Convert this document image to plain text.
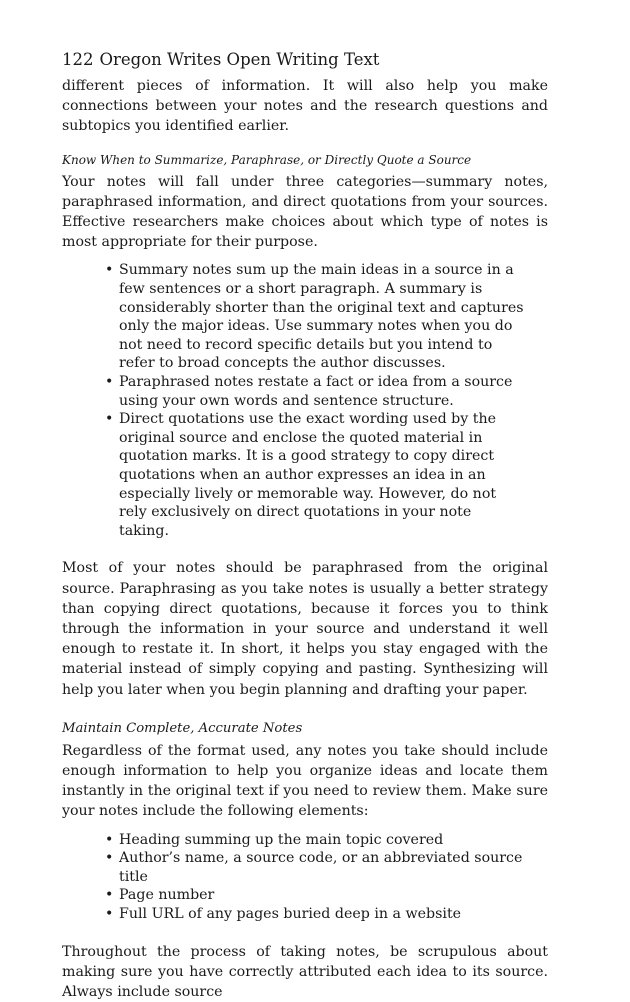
122 Oregon Writes Open Writing Text

different pieces of information. It will also help you make connections between your notes and the research questions and subtopics you identified earlier.

Know When to Summarize, Paraphrase, or Directly Quote a Source

Your notes will fall under three categories—summary notes, paraphrased information, and direct quotations from your sources. Effective researchers make choices about which type of notes is most appropriate for their purpose.

• Summary notes sum up the main ideas in a source in a few sentences or a short paragraph. A summary is considerably shorter than the original text and captures only the major ideas. Use summary notes when you do not need to record specific details but you intend to refer to broad concepts the author discusses.
• Paraphrased notes restate a fact or idea from a source using your own words and sentence structure.
• Direct quotations use the exact wording used by the original source and enclose the quoted material in quotation marks. It is a good strategy to copy direct quotations when an author expresses an idea in an especially lively or memorable way. However, do not rely exclusively on direct quotations in your note taking.

Most of your notes should be paraphrased from the original source. Paraphrasing as you take notes is usually a better strategy than copying direct quotations, because it forces you to think through the information in your source and understand it well enough to restate it. In short, it helps you stay engaged with the material instead of simply copying and pasting. Synthesizing will help you later when you begin planning and drafting your paper.

Maintain Complete, Accurate Notes

Regardless of the format used, any notes you take should include enough information to help you organize ideas and locate them instantly in the original text if you need to review them. Make sure your notes include the following elements:

• Heading summing up the main topic covered
• Author’s name, a source code, or an abbreviated source title
• Page number
• Full URL of any pages buried deep in a website

Throughout the process of taking notes, be scrupulous about making sure you have correctly attributed each idea to its source. Always include source
